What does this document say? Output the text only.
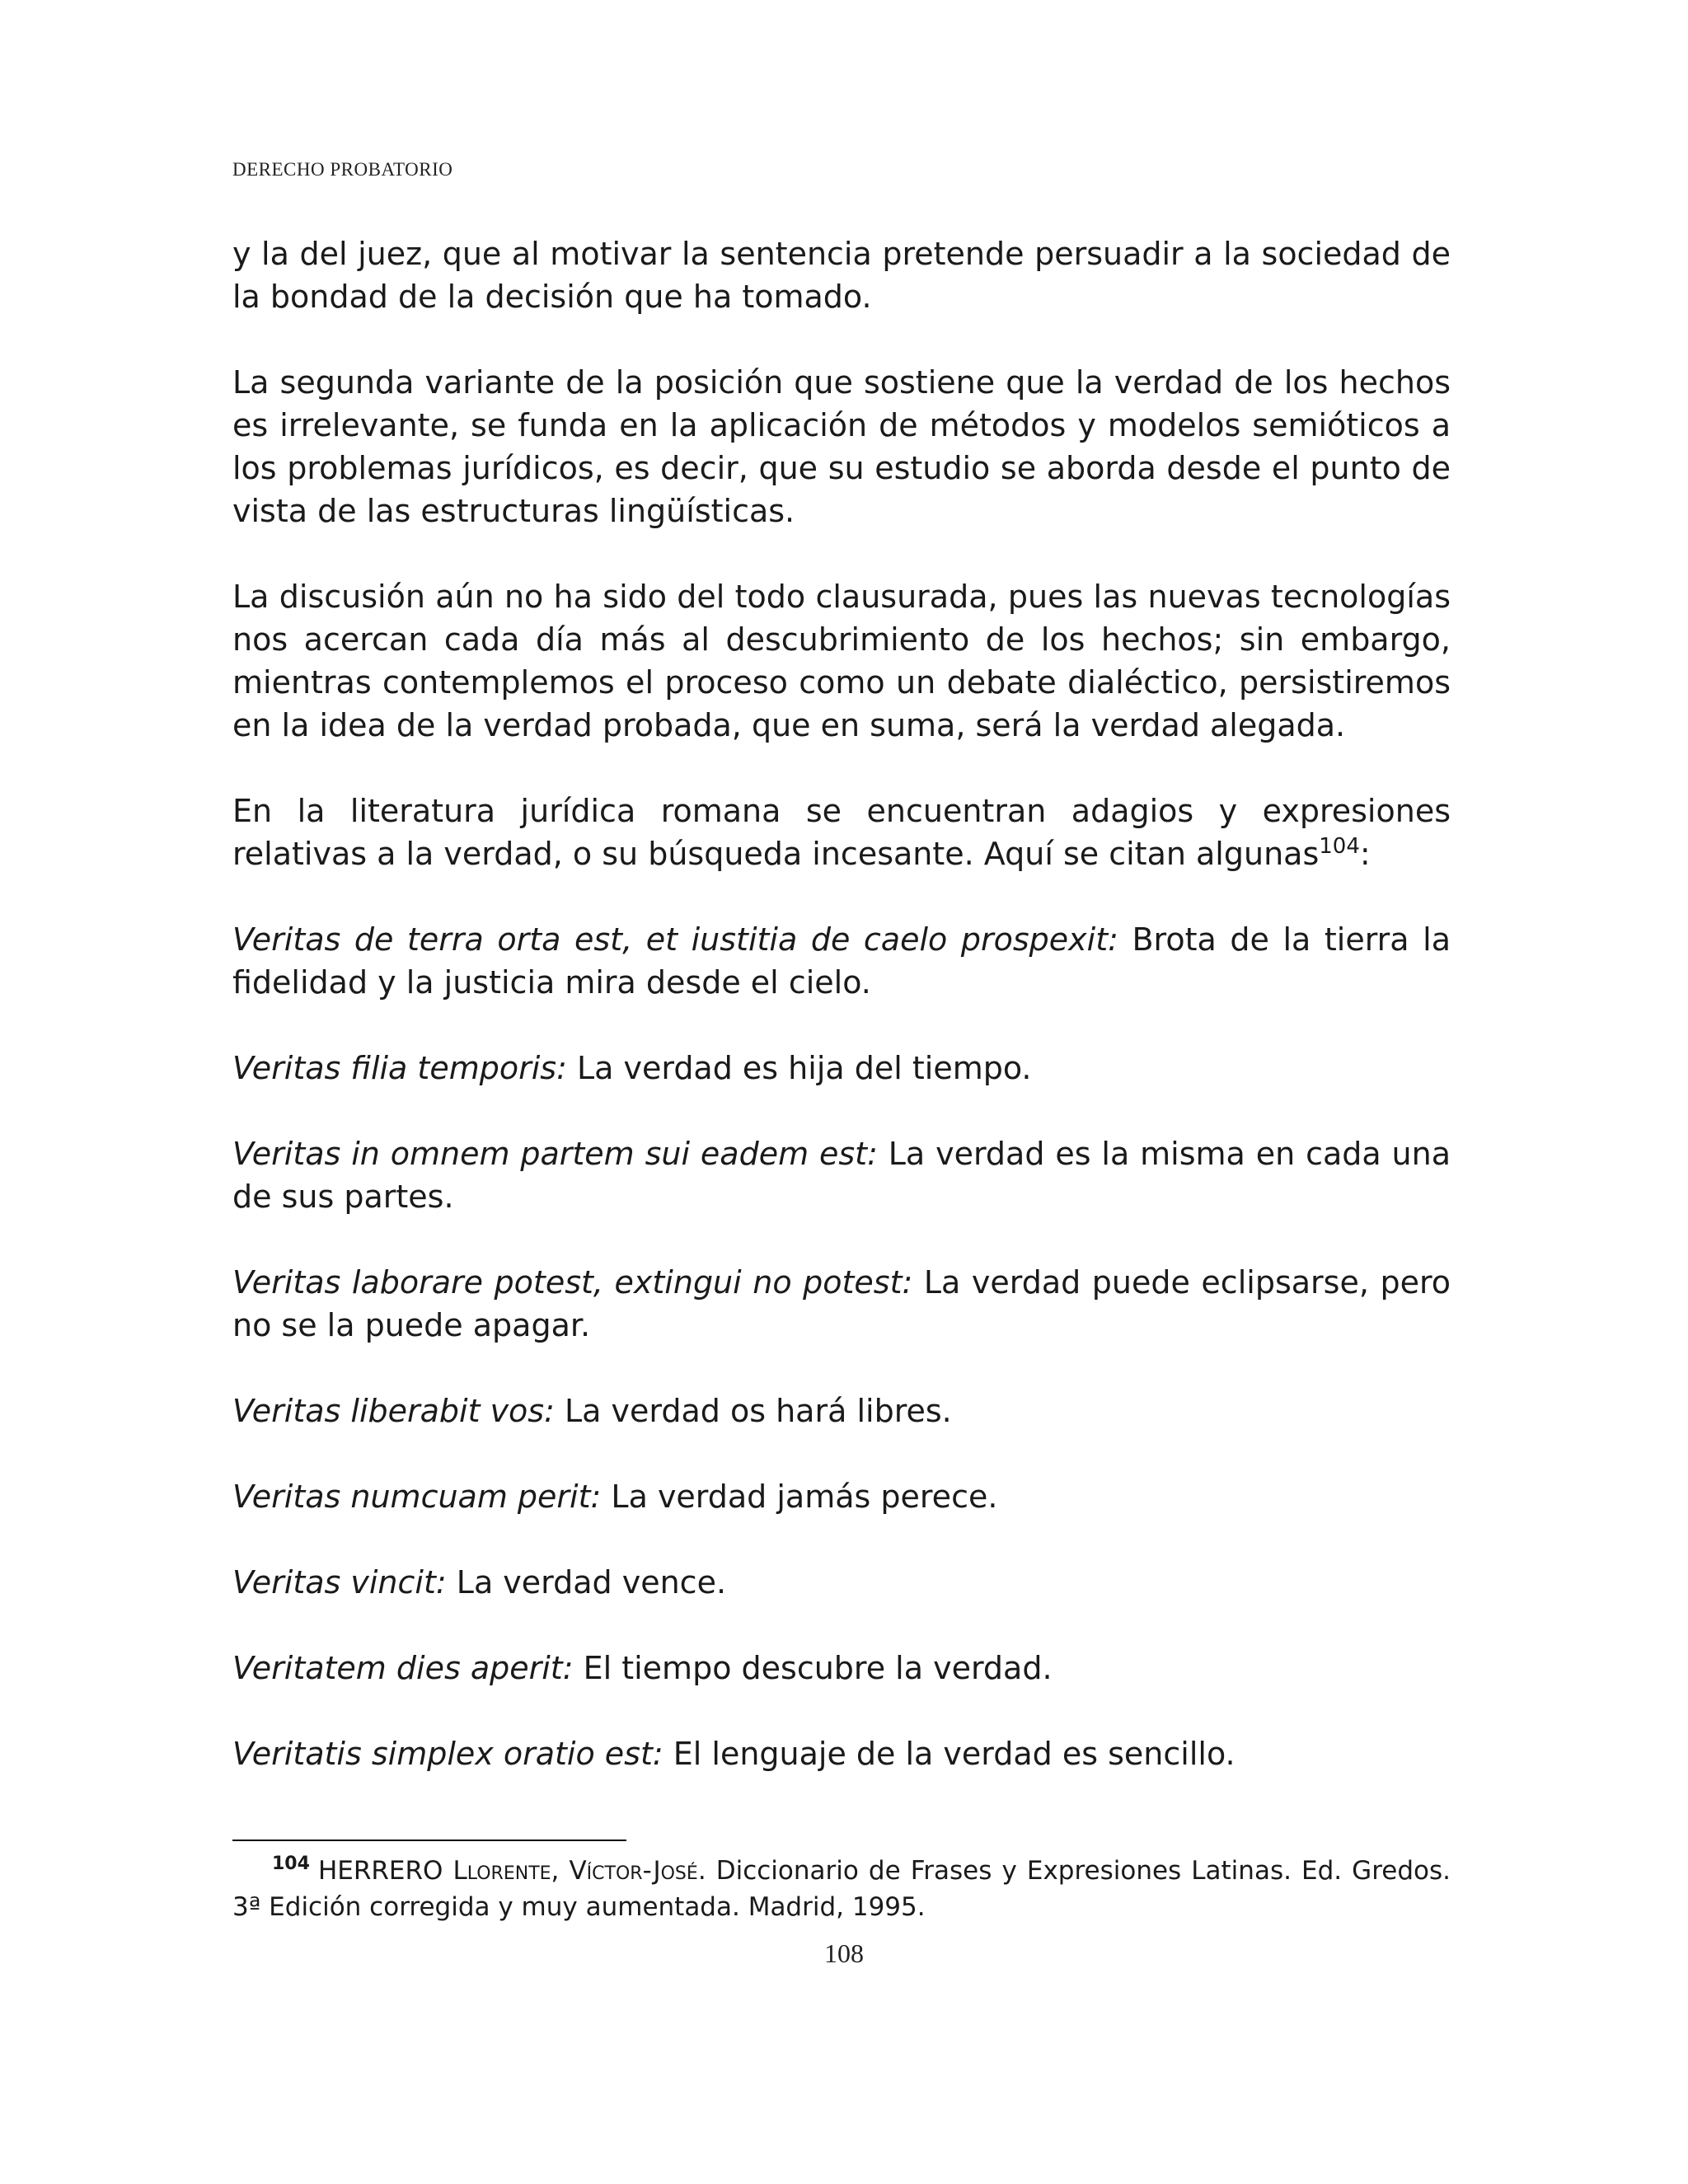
DERECHO PROBATORIO

y la del juez, que al motivar la sentencia pretende persuadir a la sociedad de la bondad de la decisión que ha tomado.

La segunda variante de la posición que sostiene que la verdad de los hechos es irrelevante, se funda en la aplicación de métodos y modelos semióticos a los problemas jurídicos, es decir, que su estudio se aborda desde el punto de vista de las estructuras lingüísticas.

La discusión aún no ha sido del todo clausurada, pues las nuevas tecnologías nos acercan cada día más al descubrimiento de los hechos; sin embargo, mientras contemplemos el proceso como un debate dialéctico, persistiremos en la idea de la verdad probada, que en suma, será la verdad alegada.

En la literatura jurídica romana se encuentran adagios y expresiones relativas a la verdad, o su búsqueda incesante. Aquí se citan algunas$^{104}$:

Veritas de terra orta est, et iustitia de caelo prospexit: Brota de la tierra la fidelidad y la justicia mira desde el cielo.

Veritas filia temporis: La verdad es hija del tiempo.

Veritas in omnem partem sui eadem est: La verdad es la misma en cada una de sus partes.

Veritas laborare potest, extingui no potest: La verdad puede eclipsarse, pero no se la puede apagar.

Veritas liberabit vos: La verdad os hará libres.

Veritas numcuam perit: La verdad jamás perece.

Veritas vincit: La verdad vence.

Veritatem dies aperit: El tiempo descubre la verdad.

Veritatis simplex oratio est: El lenguaje de la verdad es sencillo.

$^{104}$ HERRERO Llorente, Víctor-José. Diccionario de Frases y Expresiones Latinas. Ed. Gredos. 3ª Edición corregida y muy aumentada. Madrid, 1995.
108
